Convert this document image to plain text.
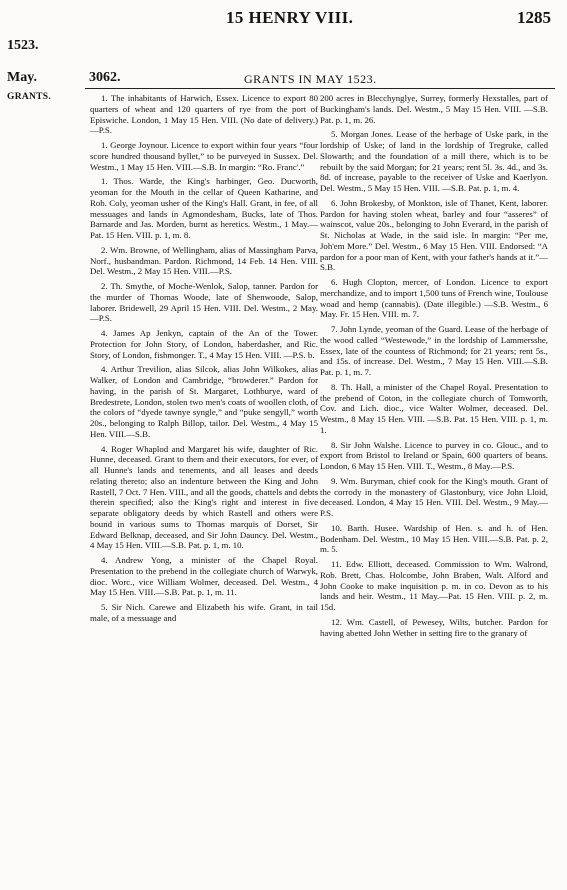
15 HENRY VIII.	1285
1523.
May.
GRANTS.
3062.	GRANTS IN MAY 1523.

1. The inhabitants of Harwich, Essex. Licence to export 80 quarters of wheat and 120 quarters of rye from the port of Episwiche. London, 1 May 15 Hen. VIII. (No date of delivery.)—P.S.

1. George Joynour. Licence to export within four years “four score hundred thousand byllet,” to be purveyed in Sussex. Del. Westm., 1 May 15 Hen. VIII.—S.B. In margin: “Ro. Franc'.”

1. Thos. Warde, the King's harbinger, Geo. Ducworth, yeoman for the Mouth in the cellar of Queen Katharine, and Rob. Coly, yeoman usher of the King's Hall. Grant, in fee, of all messuages and lands in Agmondesham, Bucks, late of Thos. Barnarde and Jas. Morden, burnt as heretics. Westm., 1 May.—Pat. 15 Hen. VIII. p. 1, m. 8.

2. Wm. Browne, of Wellingham, alias of Massingham Parva, Norf., husbandman. Pardon. Richmond, 14 Feb. 14 Hen. VIII. Del. Westm., 2 May 15 Hen. VIII.—P.S.

2. Th. Smythe, of Moche-Wenlok, Salop, tanner. Pardon for the murder of Thomas Woode, late of Shenwoode, Salop, laborer. Bridewell, 29 April 15 Hen. VIII. Del. Westm., 2 May.—P.S.

4. James Ap Jenkyn, captain of the An of the Tower. Protection for John Story, of London, haberdasher, and Ric. Story, of London, fishmonger. T., 4 May 15 Hen. VIII. —P.S. b.

4. Arthur Trevilion, alias Silcok, alias John Wilkokes, alias Walker, of London and Cambridge, “browderer.” Pardon for having, in the parish of St. Margaret, Lothburye, ward of Bredestrete, London, stolen two men's coats of woollen cloth, of the colors of “dyede tawnye syngle,” and “puke sengyll,” worth 20s., belonging to Ralph Billop, tailor. Del. Westm., 4 May 15 Hen. VIII.—S.B.

4. Roger Whaplod and Margaret his wife, daughter of Ric. Hunne, deceased. Grant to them and their executors, for ever, of all Hunne's lands and tenements, and all leases and deeds relating thereto; also an indenture between the King and John Rastell, 7 Oct. 7 Hen. VIII., and all the goods, chattels and debts therein specified; also the King's right and interest in five separate obligatory deeds by which Rastell and others were bound in various sums to Thomas marquis of Dorset, Sir Edward Belknap, deceased, and Sir John Dauncy. Del. Westm., 4 May 15 Hen. VIII.—S.B. Pat. p. 1, m. 10.

4. Andrew Yong, a minister of the Chapel Royal. Presentation to the prebend in the collegiate church of Warwyk, dioc. Worc., vice William Wolmer, deceased. Del. Westm., 4 May 15 Hen. VIII.—S.B. Pat. p. 1, m. 11.

5. Sir Nich. Carewe and Elizabeth his wife. Grant, in tail male, of a messuage and

200 acres in Blecchynglye, Surrey, formerly Hexstalles, part of Buckingham's lands. Del. Westm., 5 May 15 Hen. VIII. —S.B. Pat. p. 1, m. 26.

5. Morgan Jones. Lease of the herbage of Uske park, in the lordship of Uske; of land in the lordship of Tregruke, called Slowarth; and the foundation of a mill there, which is to be rebuilt by the said Morgan; for 21 years; rent 5l. 3s. 4d., and 3s. 8d. of increase, payable to the receiver of Uske and Kaerlyon. Del. Westm., 5 May 15 Hen. VIII. —S.B. Pat. p. 1, m. 4.

6. John Brokesby, of Monkton, isle of Thanet, Kent, laborer. Pardon for having stolen wheat, barley and four “asseres” of wainscot, value 20s., belonging to John Everard, in the parish of St. Nicholas at Wade, in the said isle. In margin: “Per me, Joh'em More.” Del. Westm., 6 May 15 Hen. VIII. Endorsed: “A pardon for a poor man of Kent, with your father's hands at it.”—S.B.

6. Hugh Clopton, mercer, of London. Licence to export merchandize, and to import 1,500 tuns of French wine, Toulouse woad and hemp (cannabis). (Date illegible.) —S.B. Westm., 6 May. Fr. 15 Hen. VIII. m. 7.

7. John Lynde, yeoman of the Guard. Lease of the herbage of the wood called “Westewode,” in the lordship of Lammersshe, Essex, late of the countess of Richmond; for 21 years; rent 5s., and 15s. of increase. Del. Westm., 7 May 15 Hen. VIII.—S.B. Pat. p. 1, m. 7.

8. Th. Hall, a minister of the Chapel Royal. Presentation to the prebend of Coton, in the collegiate church of Tomworth, Cov. and Lich. dioc., vice Walter Wolmer, deceased. Del. Westm., 8 May 15 Hen. VIII. —S.B. Pat. 15 Hen. VIII. p. 1, m. 1.

8. Sir John Walshe. Licence to purvey in co. Glouc., and to export from Bristol to Ireland or Spain, 600 quarters of beans. London, 6 May 15 Hen. VIII. T., Westm., 8 May.—P.S.

9. Wm. Buryman, chief cook for the King's mouth. Grant of the corrody in the monastery of Glastonbury, vice John Lloid, deceased. London, 4 May 15 Hen. VIII. Del. Westm., 9 May.—P.S.

10. Barth. Husee. Wardship of Hen. s. and h. of Hen. Bodenham. Del. Westm., 10 May 15 Hen. VIII.—S.B. Pat. p. 2, m. 5.

11. Edw. Elliott, deceased. Commission to Wm. Walrond, Rob. Brett, Chas. Holcombe, John Braben, Walt. Alford and John Cooke to make inquisition p. m. in co. Devon as to his lands and heir. Westm., 11 May.—Pat. 15 Hen. VIII. p. 2, m. 15d.

12. Wm. Castell, of Pewesey, Wilts, butcher. Pardon for having abetted John Wether in setting fire to the granary of
